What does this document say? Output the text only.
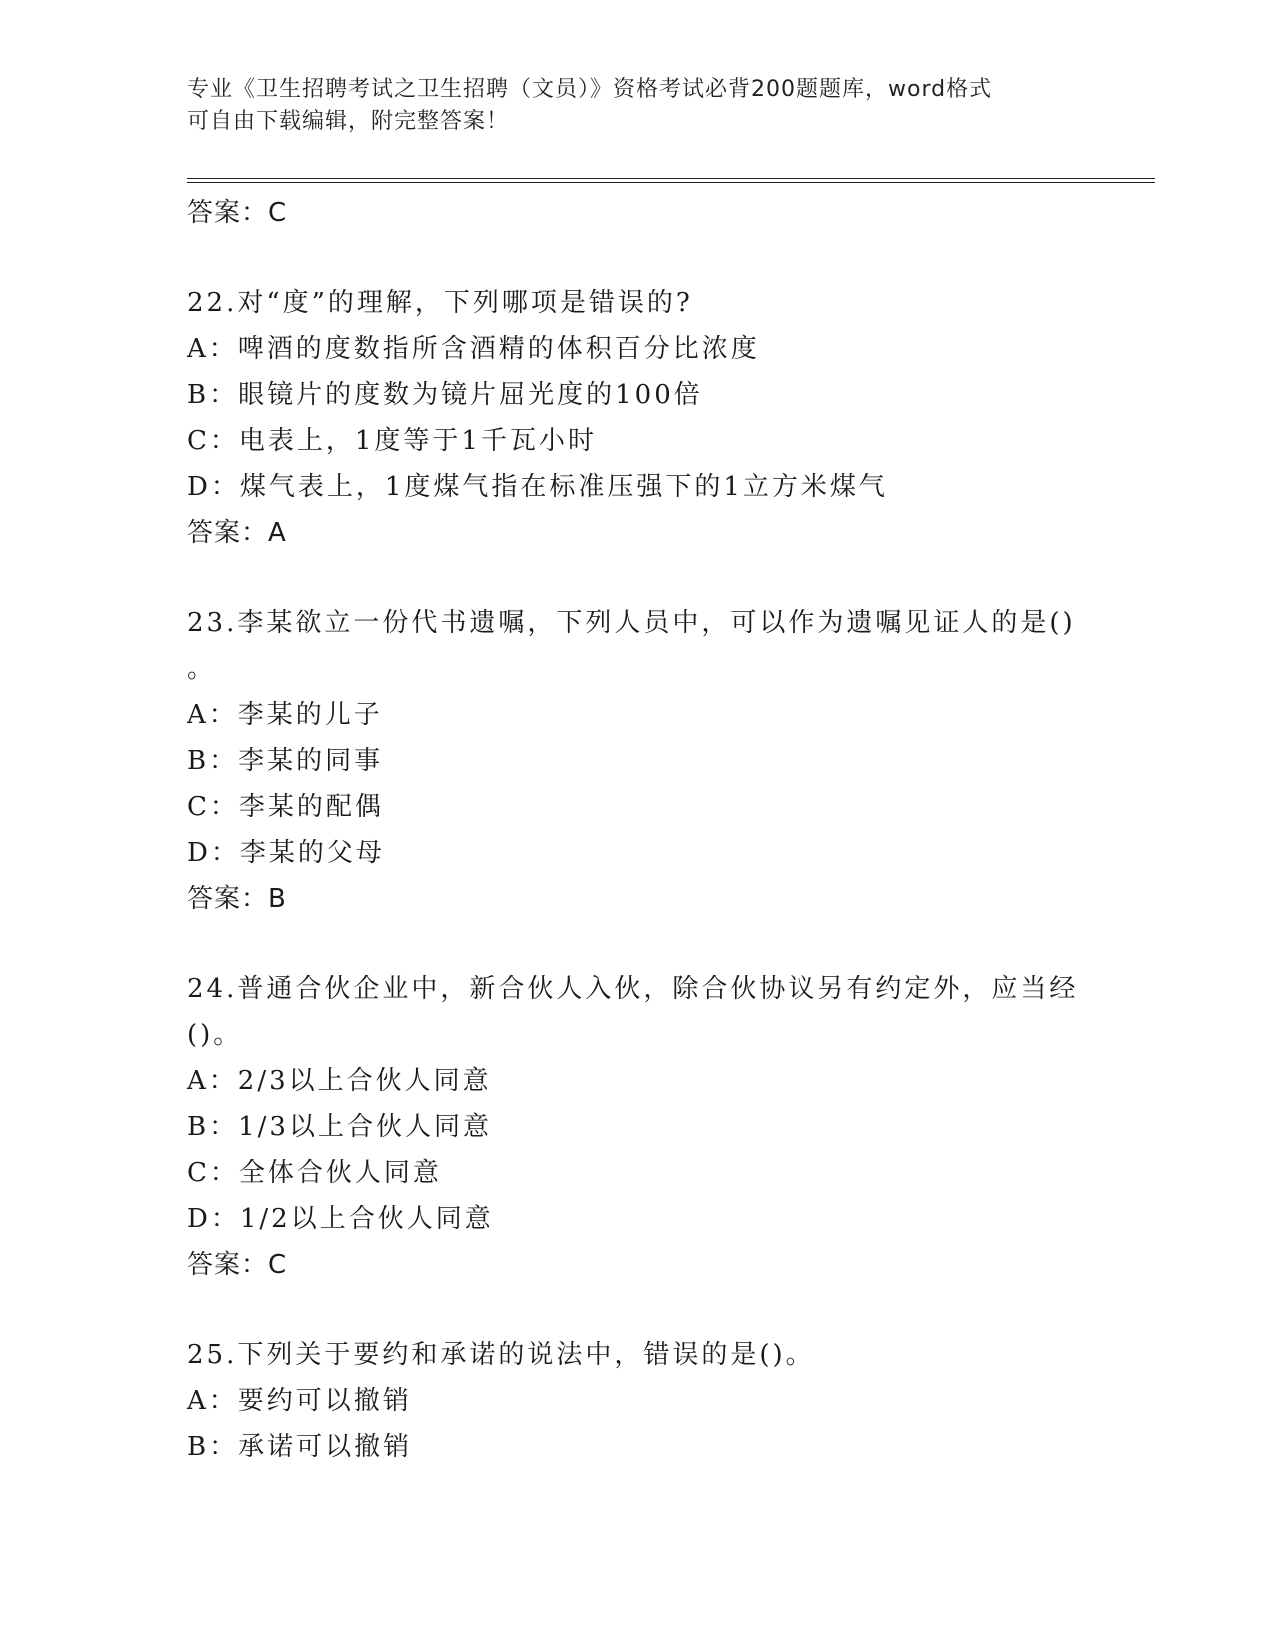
专业《卫生招聘考试之卫生招聘（文员）》资格考试必背200题题库，word格式
可自由下载编辑，附完整答案！
答案：C
22.对“度”的理解，下列哪项是错误的?
A：啤酒的度数指所含酒精的体积百分比浓度
B：眼镜片的度数为镜片屈光度的100倍
C：电表上，1度等于1千瓦小时
D：煤气表上，1度煤气指在标准压强下的1立方米煤气
答案：A
23.李某欲立一份代书遗嘱，下列人员中，可以作为遗嘱见证人的是()
。
A：李某的儿子
B：李某的同事
C：李某的配偶
D：李某的父母
答案：B
24.普通合伙企业中，新合伙人入伙，除合伙协议另有约定外，应当经
()。
A：2/3以上合伙人同意
B：1/3以上合伙人同意
C：全体合伙人同意
D：1/2以上合伙人同意
答案：C
25.下列关于要约和承诺的说法中，错误的是()。
A：要约可以撤销
B：承诺可以撤销
